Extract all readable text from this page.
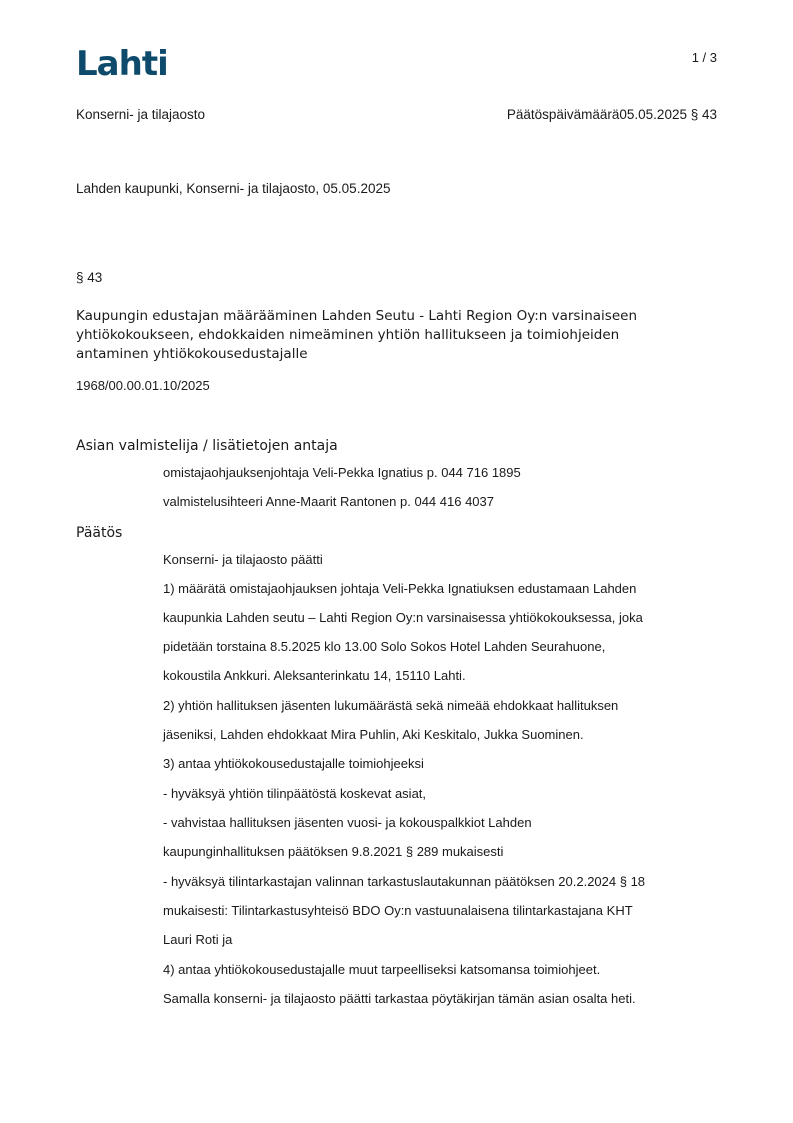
Lahti	1 / 3
Konserni- ja tilajaosto	Päätöspäivämäärä05.05.2025 § 43
Lahden kaupunki, Konserni- ja tilajaosto, 05.05.2025
§ 43
Kaupungin edustajan määrääminen Lahden Seutu - Lahti Region Oy:n varsinaiseen
yhtiökokoukseen, ehdokkaiden nimeäminen yhtiön hallitukseen ja toimiohjeiden
antaminen yhtiökokousedustajalle
1968/00.00.01.10/2025
Asian valmistelija / lisätietojen antaja
omistajaohjauksenjohtaja Veli-Pekka Ignatius p. 044 716 1895
valmistelusihteeri Anne-Maarit Rantonen p. 044 416 4037
Päätös
Konserni- ja tilajaosto päätti
1) määrätä omistajaohjauksen johtaja Veli-Pekka Ignatiuksen edustamaan Lahden
kaupunkia Lahden seutu – Lahti Region Oy:n varsinaisessa yhtiökokouksessa, joka
pidetään torstaina 8.5.2025 klo 13.00 Solo Sokos Hotel Lahden Seurahuone,
kokoustila Ankkuri. Aleksanterinkatu 14, 15110 Lahti.
2) yhtiön hallituksen jäsenten lukumäärästä sekä nimeää ehdokkaat hallituksen
jäseniksi, Lahden ehdokkaat Mira Puhlin, Aki Keskitalo, Jukka Suominen.
3) antaa yhtiökokousedustajalle toimiohjeeksi
- hyväksyä yhtiön tilinpäätöstä koskevat asiat,
- vahvistaa hallituksen jäsenten vuosi- ja kokouspalkkiot Lahden
kaupunginhallituksen päätöksen 9.8.2021 § 289 mukaisesti
- hyväksyä tilintarkastajan valinnan tarkastuslautakunnan päätöksen 20.2.2024 § 18
mukaisesti: Tilintarkastusyhteisö BDO Oy:n vastuunalaisena tilintarkastajana KHT
Lauri Roti ja
4) antaa yhtiökokousedustajalle muut tarpeelliseksi katsomansa toimiohjeet.
Samalla konserni- ja tilajaosto päätti tarkastaa pöytäkirjan tämän asian osalta heti.
